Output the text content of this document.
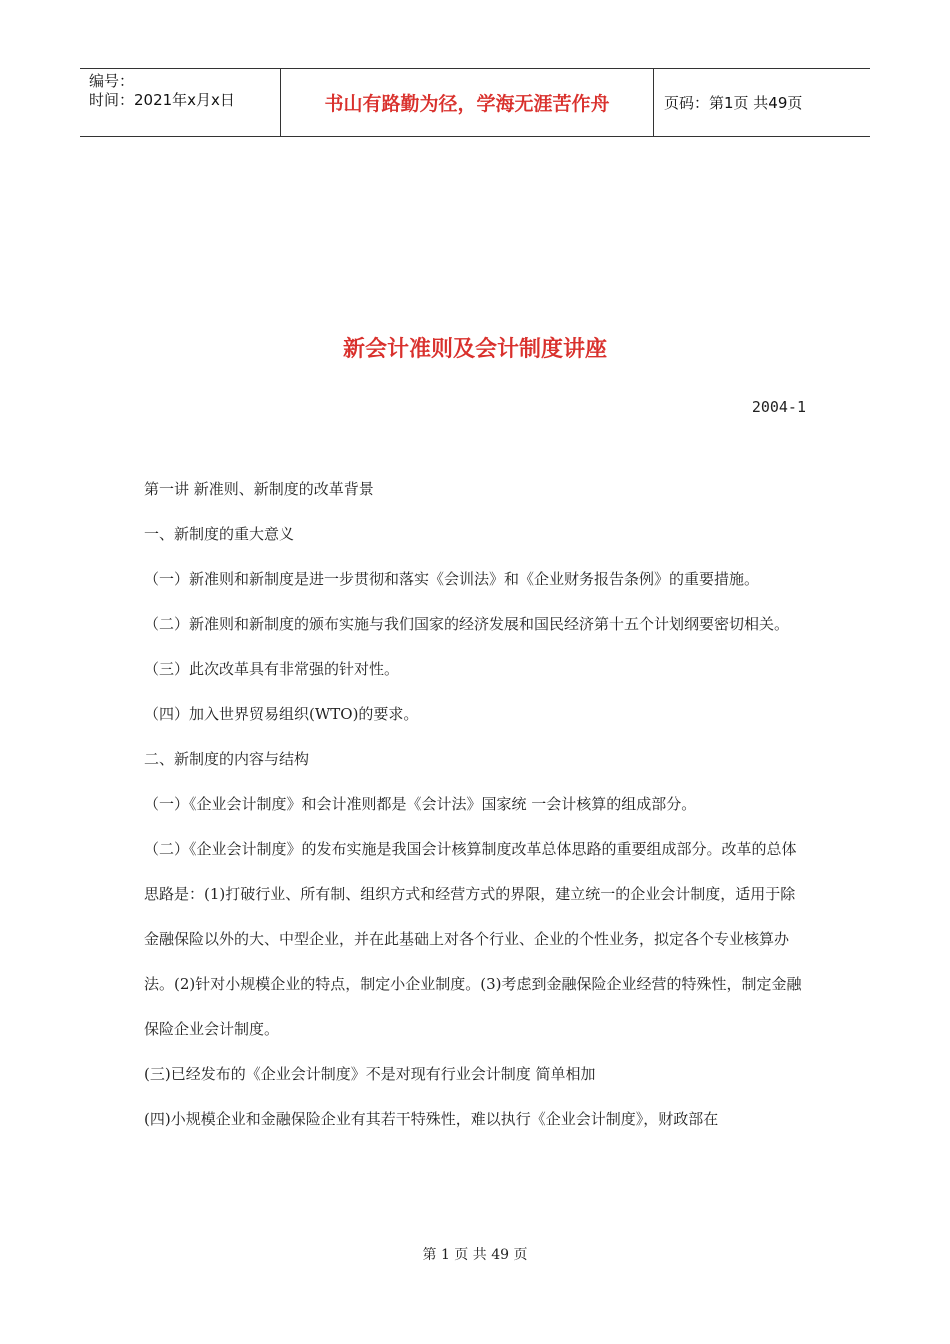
编号：
时间：2021年x月x日	书山有路勤为径，学海无涯苦作舟	页码：第1页 共49页
新会计准则及会计制度讲座
2004-1

第一讲 新准则、新制度的改革背景

一、新制度的重大意义

（一）新准则和新制度是进一步贯彻和落实《会训法》和《企业财务报告条例》的重要措施。

（二）新准则和新制度的颁布实施与我们国家的经济发展和国民经济第十五个计划纲要密切相关。

（三）此次改革具有非常强的针对性。

（四）加入世界贸易组织(WTO)的要求。

二、新制度的内容与结构

（一）《企业会计制度》和会计准则都是《会计法》国家统 一会计核算的组成部分。

（二）《企业会计制度》的发布实施是我国会计核算制度改革总体思路的重要组成部分。改革的总体思路是：(1)打破行业、所有制、组织方式和经营方式的界限，建立统一的企业会计制度，适用于除金融保险以外的大、中型企业，并在此基础上对各个行业、企业的个性业务，拟定各个专业核算办法。(2)针对小规模企业的特点，制定小企业制度。(3)考虑到金融保险企业经营的特殊性，制定金融保险企业会计制度。

(三)已经发布的《企业会计制度》不是对现有行业会计制度 简单相加

(四)小规模企业和金融保险企业有其若干特殊性，难以执行《企业会计制度》，财政部在

第 1 页 共 49 页
